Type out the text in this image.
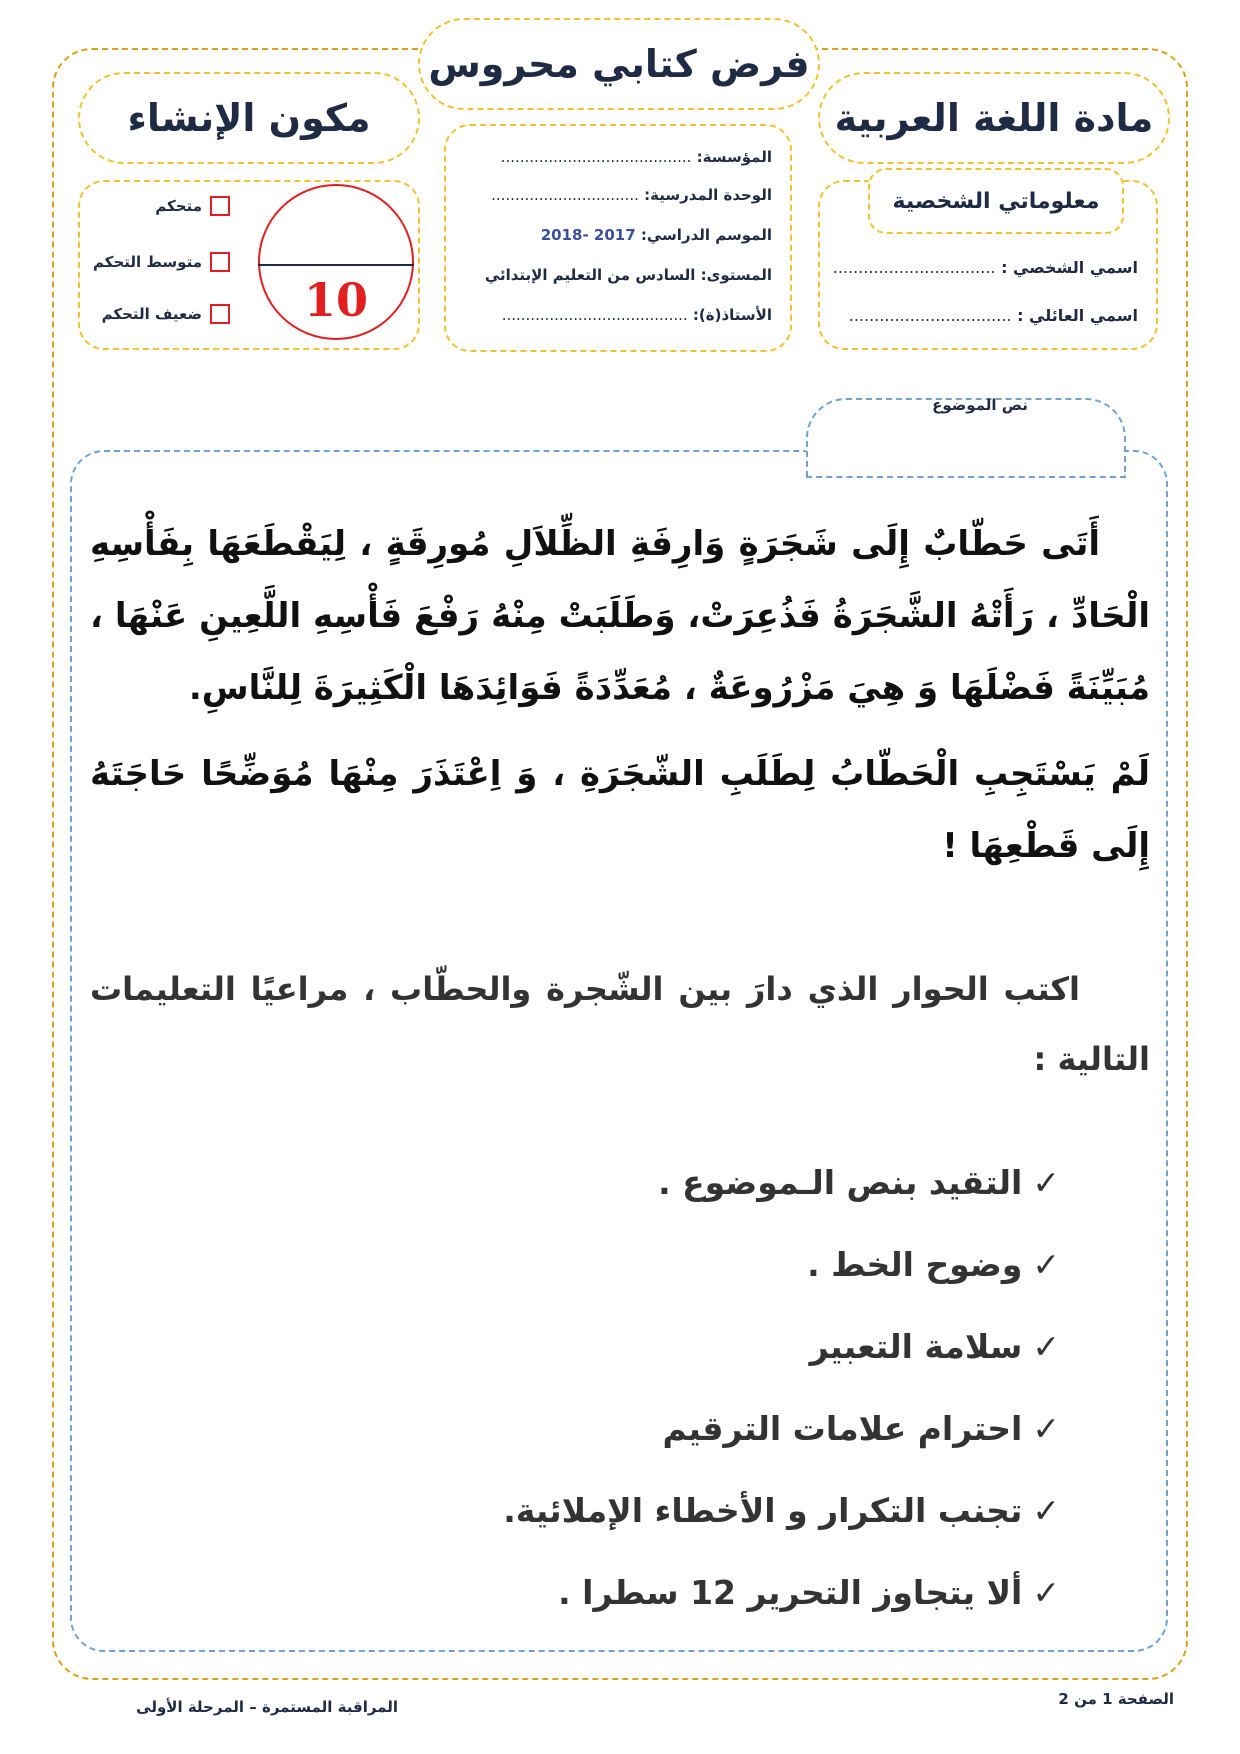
فرض كتابي محروس
مادة اللغة العربية
مكون الإنشاء
المؤسسة: ........................................
الوحدة المدرسية: ...............................
الموسم الدراسي: 2017 -2018
المستوى: السادس من التعليم الإبتدائي
الأستاذ(ة): .......................................
اسمي الشخصي : ................................
اسمي العائلي : ................................
معلوماتي الشخصية
10
متحكم
متوسط التحكم
ضعيف التحكم
نص الموضوع

أَتَى حَطّابٌ إِلَى شَجَرَةٍ وَارِفَةِ الظِّلاَلِ مُورِقَةٍ ، لِيَقْطَعَهَا بِفَأْسِهِ الْحَادِّ ، رَأَتْهُ الشَّجَرَةُ فَذُعِرَتْ، وَطَلَبَتْ مِنْهُ رَفْعَ فَأْسِهِ اللَّعِينِ عَنْهَا ، مُبَيِّنَةً فَضْلَهَا وَ هِيَ مَزْرُوعَةٌ ، مُعَدِّدَةً فَوَائِدَهَا الْكَثِيرَةَ لِلنَّاسِ.

لَمْ يَسْتَجِبِ الْحَطّابُ لِطَلَبِ الشّجَرَةِ ، وَ اِعْتَذَرَ مِنْهَا مُوَضِّحًا حَاجَتَهُ إِلَى قَطْعِهَا !

اكتب الحوار الذي دارَ بين الشّجرة والحطّاب ، مراعيًا التعليمات التالية :
✓التقيد بنص الـموضوع .
✓وضوح الخط .
✓سلامة التعبير
✓احترام علامات الترقيم
✓تجنب التكرار و الأخطاء الإملائية.
✓ألا يتجاوز التحرير 12 سطرا .
الصفحة 1 من 2
المراقبة المستمرة – المرحلة الأولى
